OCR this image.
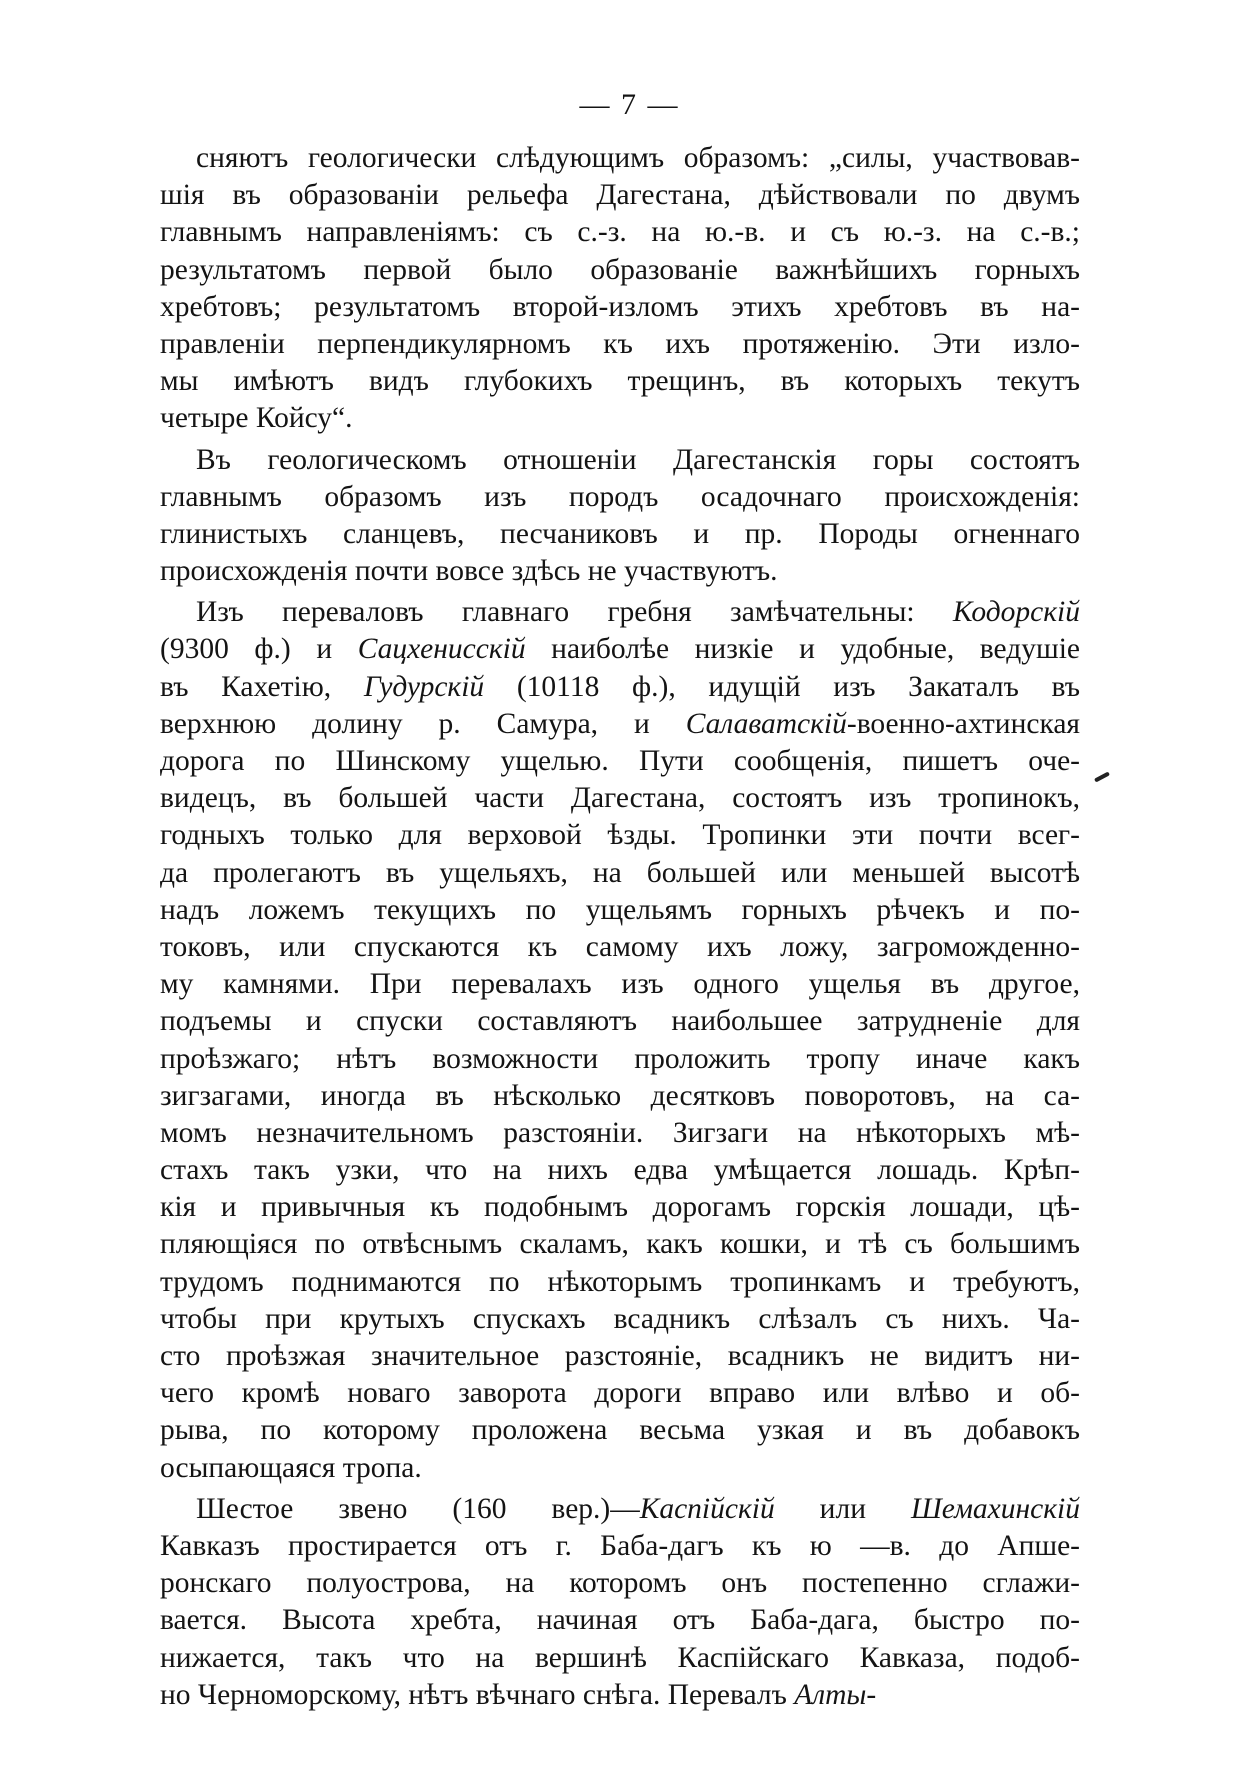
— 7 —
сняютъ геологически слѣдующимъ образомъ: „силы, участвовав-
шія въ образованіи рельефа Дагестана, дѣйствовали по двумъ
главнымъ направленіямъ: съ с.-з. на ю.-в. и съ ю.-з. на с.-в.;
результатомъ первой было образованіе важнѣйшихъ горныхъ
хребтовъ; результатомъ второй-изломъ этихъ хребтовъ въ на-
правленіи перпендикулярномъ къ ихъ протяженію. Эти изло-
мы имѣютъ видъ глубокихъ трещинъ, въ которыхъ текутъ
четыре Койсу“.
Въ геологическомъ отношеніи Дагестанскія горы состоятъ
главнымъ образомъ изъ породъ осадочнаго происхожденія:
глинистыхъ сланцевъ, песчаниковъ и пр. Породы огненнаго
происхожденія почти вовсе здѣсь не участвуютъ.
Изъ переваловъ главнаго гребня замѣчательны: Кодорскій
(9300 ф.) и Сацхенисскій наиболѣе низкіе и удобные, ведушіе
въ Кахетію, Гудурскій (10118 ф.), идущій изъ Закаталъ въ
верхнюю долину р. Самура, и Салаватскій-военно-ахтинская
дорога по Шинскому ущелью. Пути сообщенія, пишетъ оче-
видецъ, въ большей части Дагестана, состоятъ изъ тропинокъ,
годныхъ только для верховой ѣзды. Тропинки эти почти всег-
да пролегаютъ въ ущельяхъ, на большей или меньшей высотѣ
надъ ложемъ текущихъ по ущельямъ горныхъ рѣчекъ и по-
токовъ, или спускаются къ самому ихъ ложу, загроможденно-
му камнями. При перевалахъ изъ одного ущелья въ другое,
подъемы и спуски составляютъ наибольшее затрудненіе для
проѣзжаго; нѣтъ возможности проложить тропу иначе какъ
зигзагами, иногда въ нѣсколько десятковъ поворотовъ, на са-
момъ незначительномъ разстояніи. Зигзаги на нѣкоторыхъ мѣ-
стахъ такъ узки, что на нихъ едва умѣщается лошадь. Крѣп-
кія и привычныя къ подобнымъ дорогамъ горскія лошади, цѣ-
пляющіяся по отвѣснымъ скаламъ, какъ кошки, и тѣ съ большимъ
трудомъ поднимаются по нѣкоторымъ тропинкамъ и требуютъ,
чтобы при крутыхъ спускахъ всадникъ слѣзалъ съ нихъ. Ча-
сто проѣзжая значительное разстояніе, всадникъ не видитъ ни-
чего кромѣ новаго заворота дороги вправо или влѣво и об-
рыва, по которому проложена весьма узкая и въ добавокъ
осыпающаяся тропа.
Шестое звено (160 вер.)—Каспійскій или Шемахинскій
Кавказъ простирается отъ г. Баба-дагъ къ ю —в. до Апше-
ронскаго полуострова, на которомъ онъ постепенно сглажи-
вается. Высота хребта, начиная отъ Баба-дага, быстро по-
нижается, такъ что на вершинѣ Каспійскаго Кавказа, подоб-
но Черноморскому, нѣтъ вѣчнаго снѣга. Перевалъ Алты-
